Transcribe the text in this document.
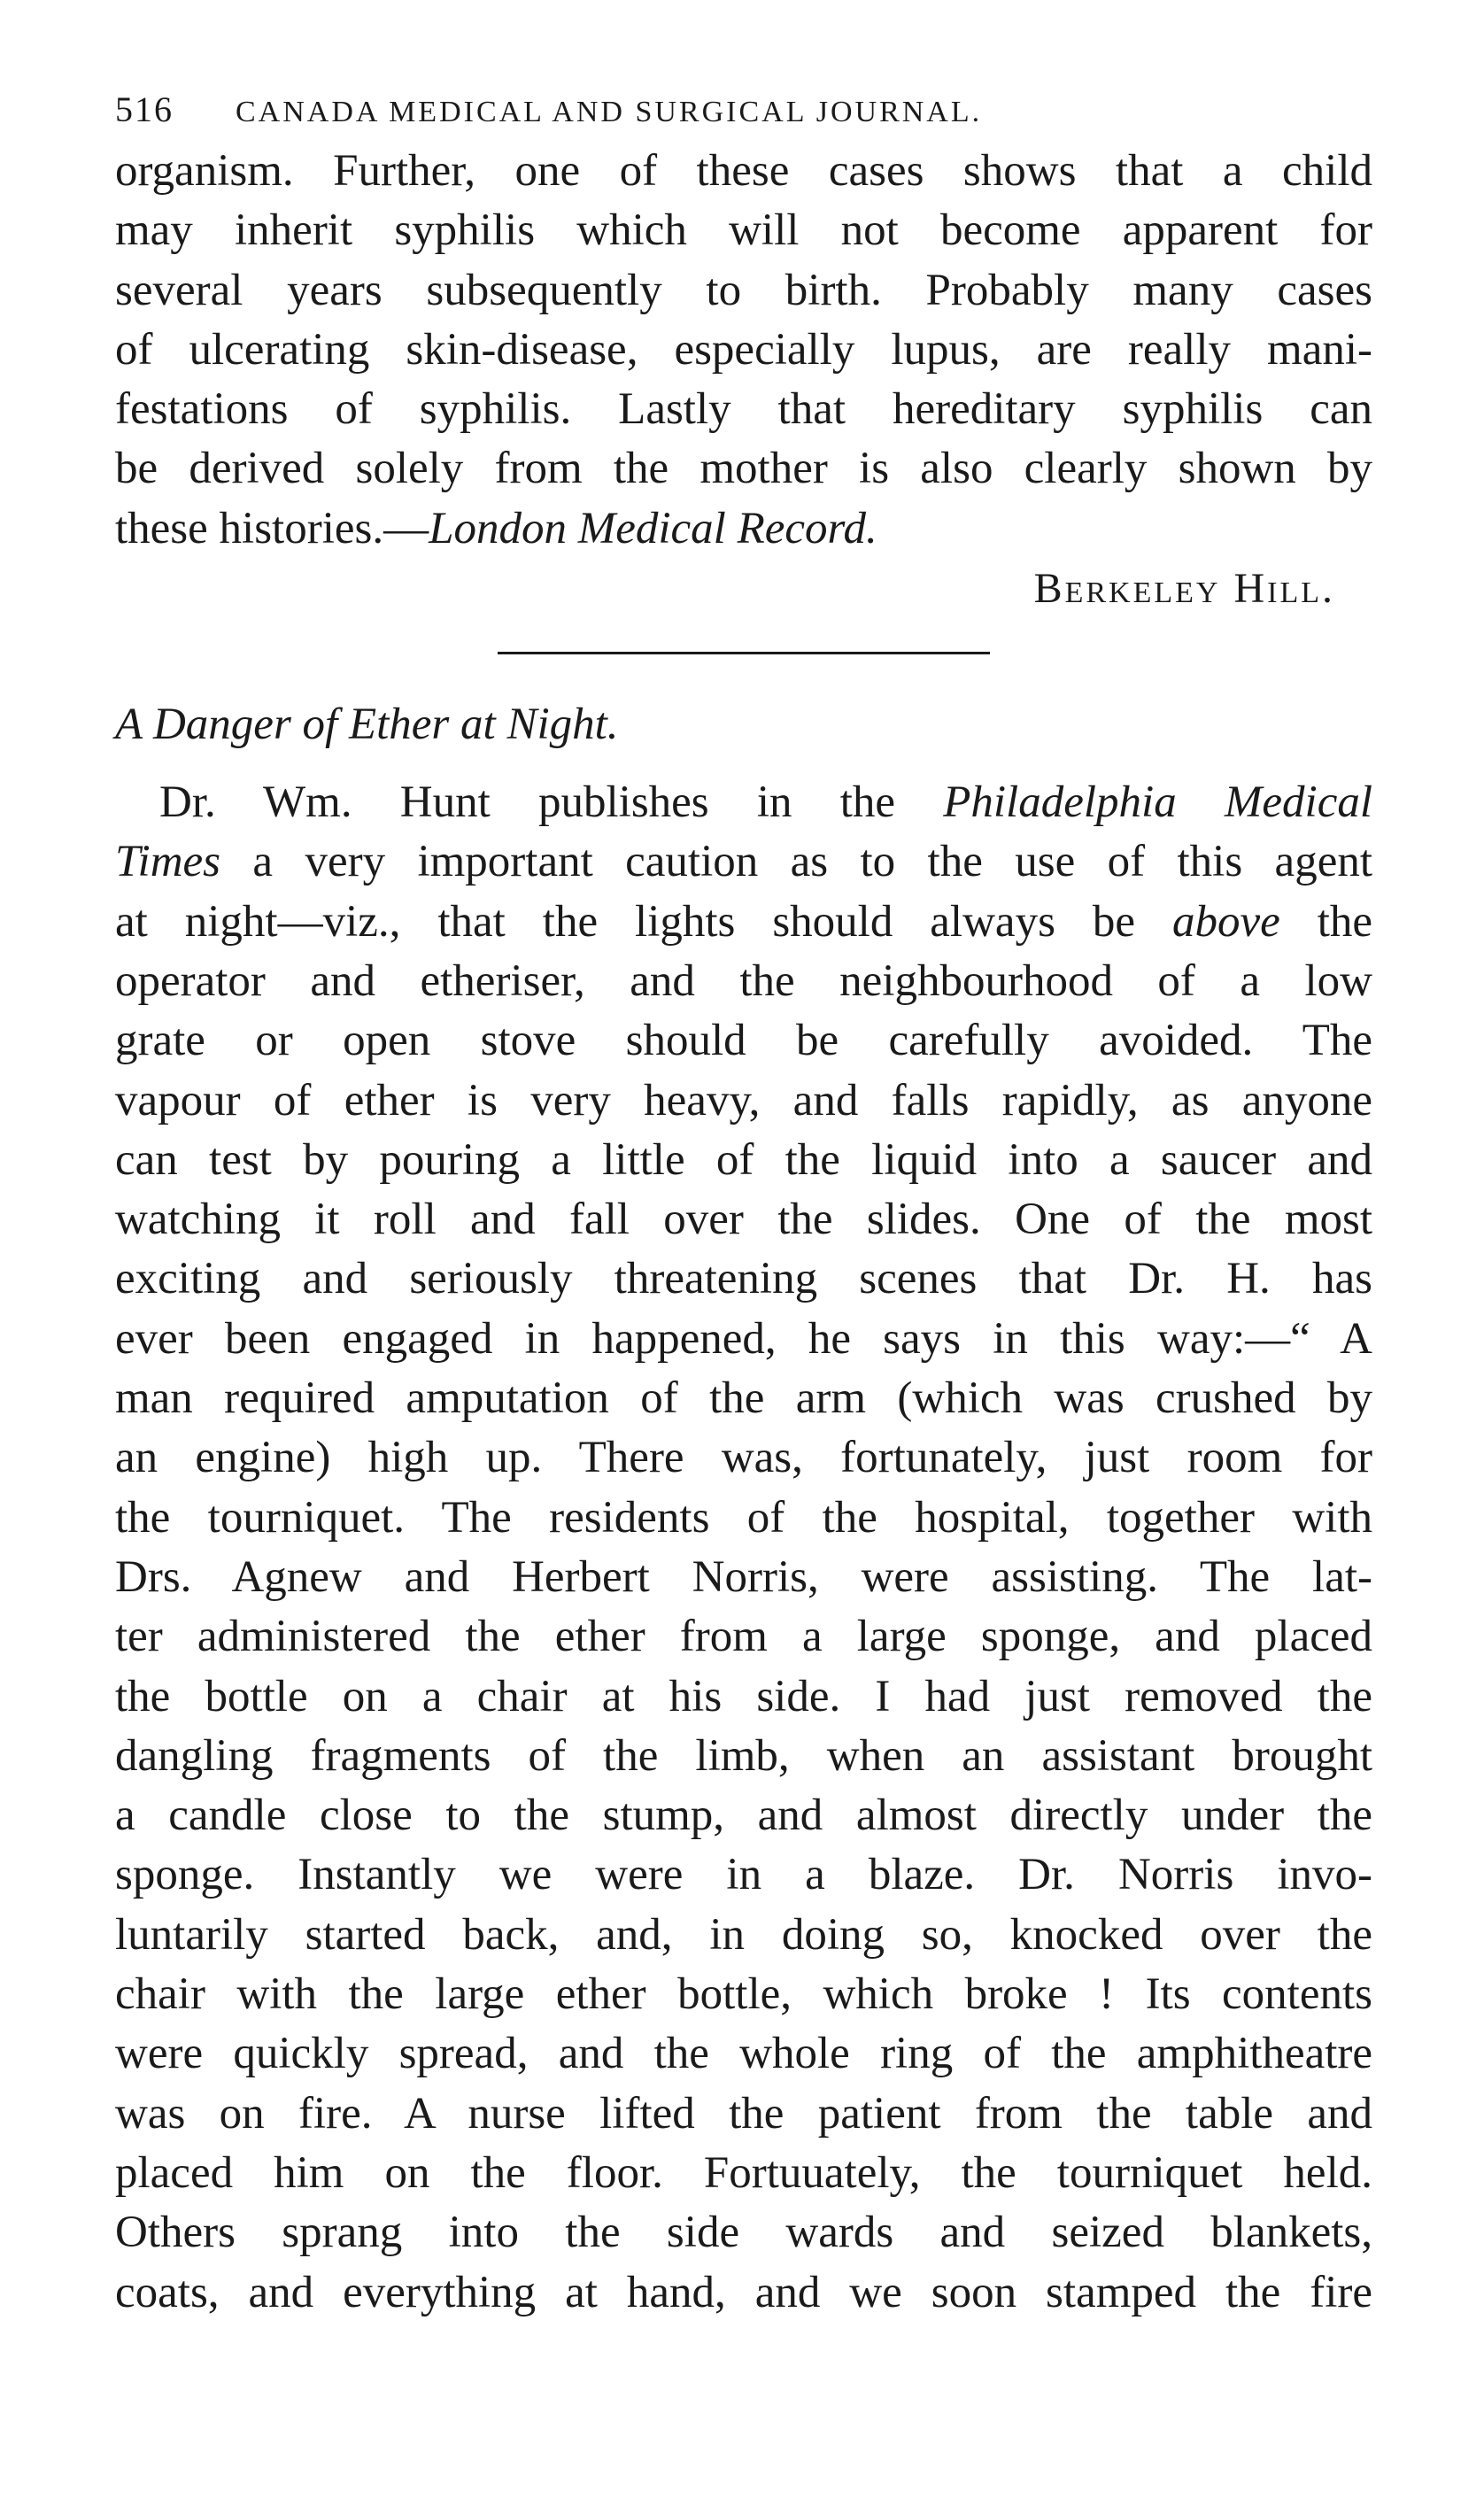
516 CANADA MEDICAL AND SURGICAL JOURNAL.
organism. Further, one of these cases shows that a child
may inherit syphilis which will not become apparent for
several years subsequently to birth. Probably many cases
of ulcerating skin-disease, especially lupus, are really mani-
festations of syphilis. Lastly that hereditary syphilis can
be derived solely from the mother is also clearly shown by
these histories.—London Medical Record.
Berkeley Hill.
A Danger of Ether at Night.
Dr. Wm. Hunt publishes in the Philadelphia Medical
Times a very important caution as to the use of this agent
at night—viz., that the lights should always be above the
operator and etheriser, and the neighbourhood of a low
grate or open stove should be carefully avoided. The
vapour of ether is very heavy, and falls rapidly, as anyone
can test by pouring a little of the liquid into a saucer and
watching it roll and fall over the slides. One of the most
exciting and seriously threatening scenes that Dr. H. has
ever been engaged in happened, he says in this way:—“ A
man required amputation of the arm (which was crushed by
an engine) high up. There was, fortunately, just room for
the tourniquet. The residents of the hospital, together with
Drs. Agnew and Herbert Norris, were assisting. The lat-
ter administered the ether from a large sponge, and placed
the bottle on a chair at his side. I had just removed the
dangling fragments of the limb, when an assistant brought
a candle close to the stump, and almost directly under the
sponge. Instantly we were in a blaze. Dr. Norris invo-
luntarily started back, and, in doing so, knocked over the
chair with the large ether bottle, which broke ! Its contents
were quickly spread, and the whole ring of the amphitheatre
was on fire. A nurse lifted the patient from the table and
placed him on the floor. Fortuuately, the tourniquet held.
Others sprang into the side wards and seized blankets,
coats, and everything at hand, and we soon stamped the fire
